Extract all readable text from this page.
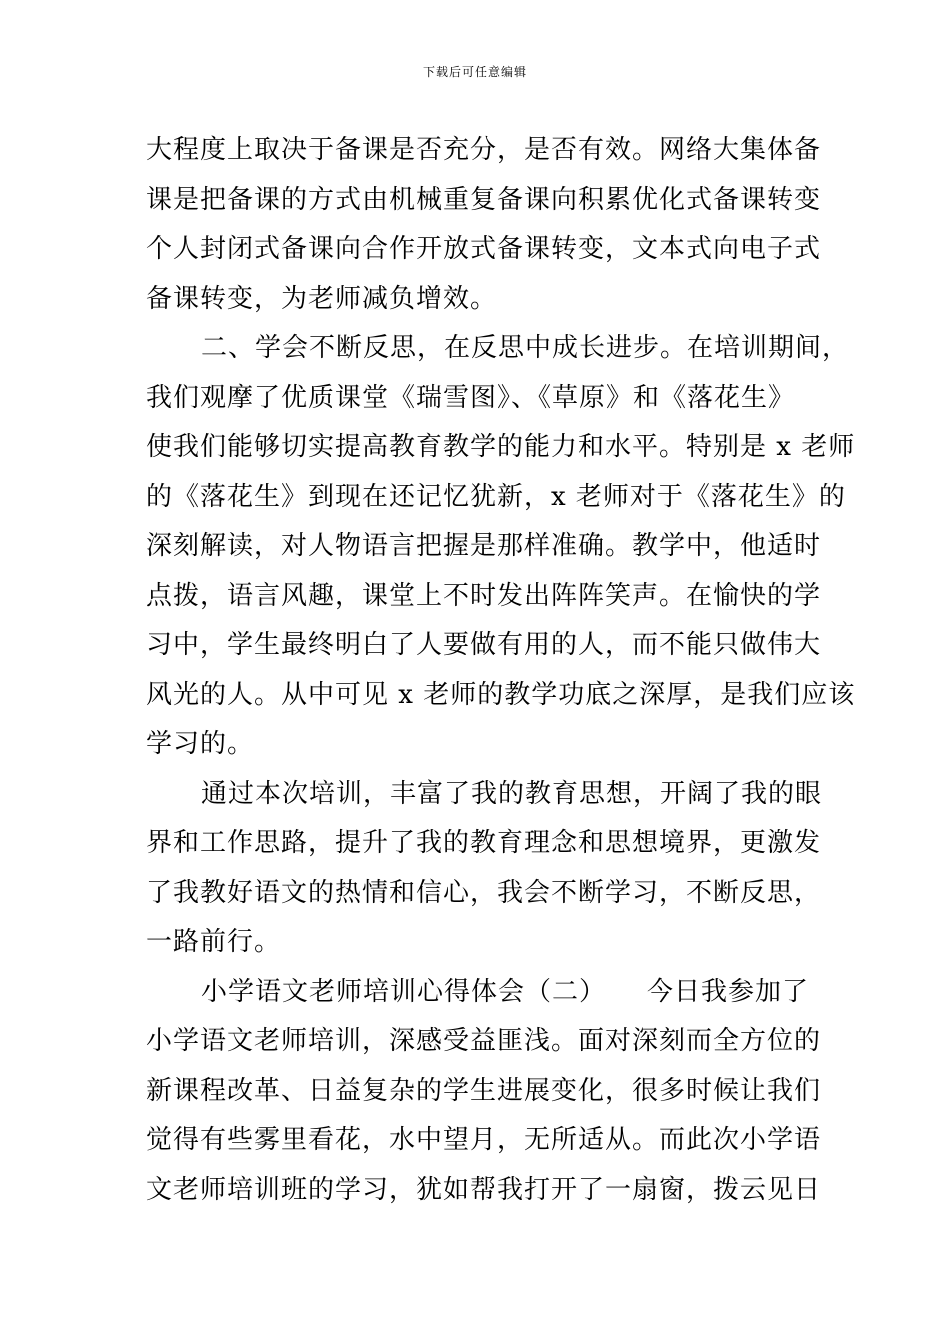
下载后可任意编辑
大程度上取决于备课是否充分，是否有效。网络大集体备
课是把备课的方式由机械重复备课向积累优化式备课转变
个人封闭式备课向合作开放式备课转变，文本式向电子式
备课转变，为老师减负增效。
二、学会不断反思，在反思中成长进步。在培训期间，
我们观摩了优质课堂《瑞雪图》、《草原》和《落花生》
使我们能够切实提高教育教学的能力和水平。特别是 x 老师
的《落花生》到现在还记忆犹新，x 老师对于《落花生》的
深刻解读，对人物语言把握是那样准确。教学中，他适时
点拨，语言风趣，课堂上不时发出阵阵笑声。在愉快的学
习中，学生最终明白了人要做有用的人，而不能只做伟大
风光的人。从中可见 x 老师的教学功底之深厚，是我们应该
学习的。
通过本次培训，丰富了我的教育思想，开阔了我的眼
界和工作思路，提升了我的教育理念和思想境界，更激发
了我教好语文的热情和信心，我会不断学习，不断反思，
一路前行。
小学语文老师培训心得体会（二）　　今日我参加了
小学语文老师培训，深感受益匪浅。面对深刻而全方位的
新课程改革、日益复杂的学生进展变化，很多时候让我们
觉得有些雾里看花，水中望月，无所适从。而此次小学语
文老师培训班的学习，犹如帮我打开了一扇窗，拨云见日
